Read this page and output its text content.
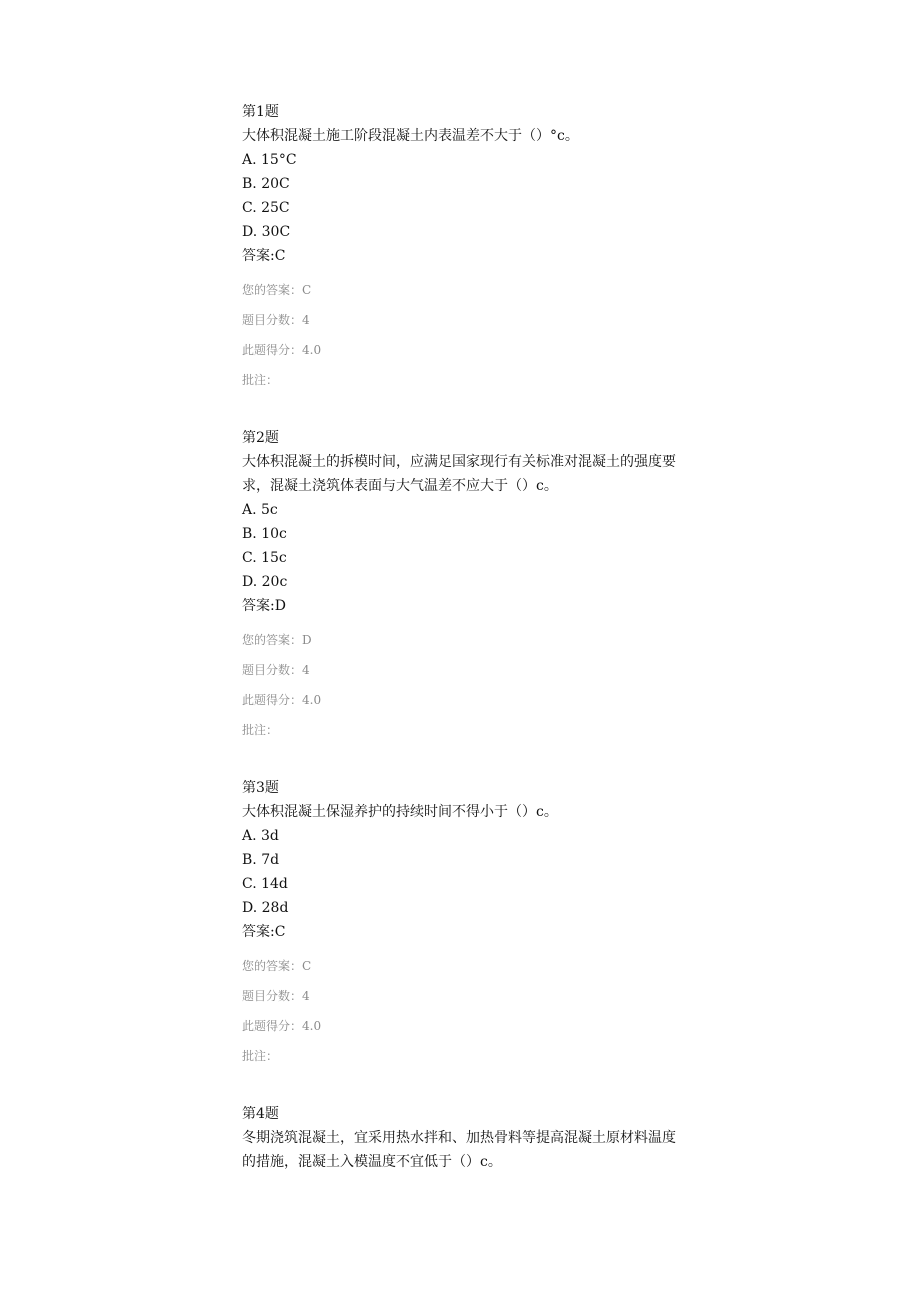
第1题

大体积混凝土施工阶段混凝土内表温差不大于（）°c。

A. 15°C

B. 20C

C. 25C

D. 30C

答案:C

您的答案：C

题目分数：4

此题得分：4.0

批注：

第2题

大体积混凝土的拆模时间，应满足国家现行有关标准对混凝土的强度要求，混凝土浇筑体表面与大气温差不应大于（）c。

A. 5c

B. 10c

C. 15c

D. 20c

答案:D

您的答案：D

题目分数：4

此题得分：4.0

批注：

第3题

大体积混凝土保湿养护的持续时间不得小于（）c。

A. 3d

B. 7d

C. 14d

D. 28d

答案:C

您的答案：C

题目分数：4

此题得分：4.0

批注：

第4题

冬期浇筑混凝土，宜采用热水拌和、加热骨料等提高混凝土原材料温度的措施，混凝土入模温度不宜低于（）c。
